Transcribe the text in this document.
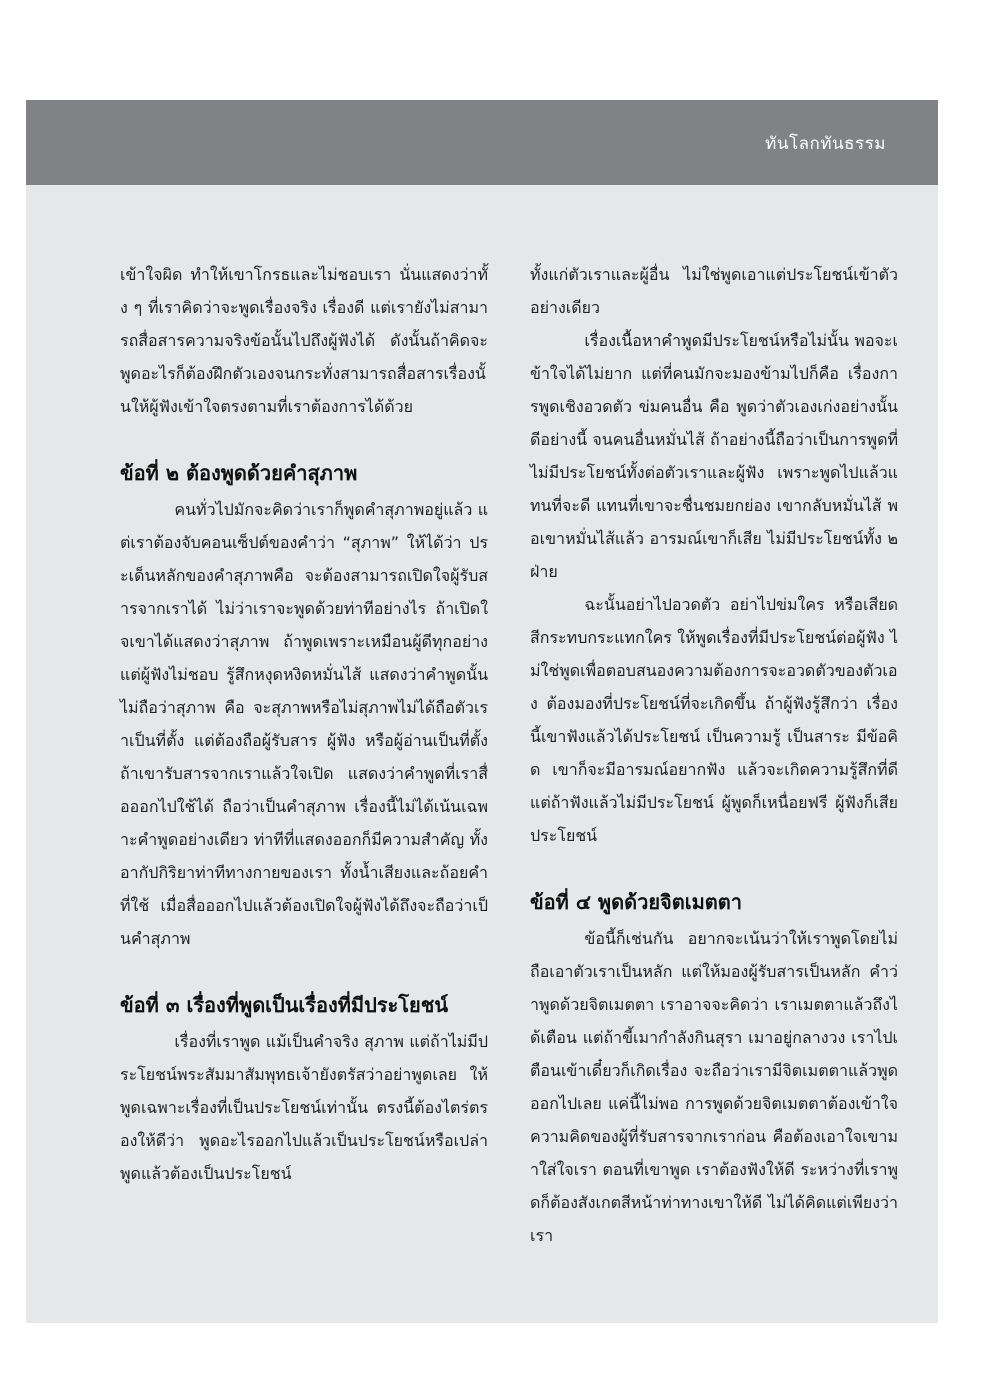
ทันโลกทันธรรม

เข้าใจผิด ทำให้เขาโกรธและไม่ชอบเรา นั่นแสดงว่าทั้ง ๆ ที่เราคิดว่าจะพูดเรื่องจริง เรื่องดี แต่เรายังไม่สามารถสื่อสารความจริงข้อนั้นไปถึงผู้ฟังได้ ดังนั้นถ้าคิดจะพูดอะไรก็ต้องฝึกตัวเองจนกระทั่งสามารถสื่อสารเรื่องนั้นให้ผู้ฟังเข้าใจตรงตามที่เราต้องการได้ด้วย

ข้อที่ ๒ ต้องพูดด้วยคำสุภาพ

คนทั่วไปมักจะคิดว่าเราก็พูดคำสุภาพอยู่แล้ว แต่เราต้องจับคอนเซ็ปต์ของคำว่า “สุภาพ” ให้ได้ว่า ประเด็นหลักของคำสุภาพคือ จะต้องสามารถเปิดใจผู้รับสารจากเราได้ ไม่ว่าเราจะพูดด้วยท่าทีอย่างไร ถ้าเปิดใจเขาได้แสดงว่าสุภาพ ถ้าพูดเพราะเหมือนผู้ดีทุกอย่าง แต่ผู้ฟังไม่ชอบ รู้สึกหงุดหงิดหมั่นไส้ แสดงว่าคำพูดนั้นไม่ถือว่าสุภาพ คือ จะสุภาพหรือไม่สุภาพไม่ได้ถือตัวเราเป็นที่ตั้ง แต่ต้องถือผู้รับสาร ผู้ฟัง หรือผู้อ่านเป็นที่ตั้ง ถ้าเขารับสารจากเราแล้วใจเปิด แสดงว่าคำพูดที่เราสื่อออกไปใช้ได้ ถือว่าเป็นคำสุภาพ เรื่องนี้ไม่ได้เน้นเฉพาะคำพูดอย่างเดียว ท่าทีที่แสดงออกก็มีความสำคัญ ทั้งอากัปกิริยาท่าทีทางกายของเรา ทั้งน้ำเสียงและถ้อยคำที่ใช้ เมื่อสื่อออกไปแล้วต้องเปิดใจผู้ฟังได้ถึงจะถือว่าเป็นคำสุภาพ

ข้อที่ ๓ เรื่องที่พูดเป็นเรื่องที่มีประโยชน์

เรื่องที่เราพูด แม้เป็นคำจริง สุภาพ แต่ถ้าไม่มีประโยชน์พระสัมมาสัมพุทธเจ้ายังตรัสว่าอย่าพูดเลย ให้พูดเฉพาะเรื่องที่เป็นประโยชน์เท่านั้น ตรงนี้ต้องไตร่ตรองให้ดีว่า พูดอะไรออกไปแล้วเป็นประโยชน์หรือเปล่า พูดแล้วต้องเป็นประโยชน์

ทั้งแก่ตัวเราและผู้อื่น ไม่ใช่พูดเอาแต่ประโยชน์เข้าตัวอย่างเดียว

เรื่องเนื้อหาคำพูดมีประโยชน์หรือไม่นั้น พอจะเข้าใจได้ไม่ยาก แต่ที่คนมักจะมองข้ามไปก็คือ เรื่องการพูดเชิงอวดตัว ข่มคนอื่น คือ พูดว่าตัวเองเก่งอย่างนั้น ดีอย่างนี้ จนคนอื่นหมั่นไส้ ถ้าอย่างนี้ถือว่าเป็นการพูดที่ไม่มีประโยชน์ทั้งต่อตัวเราและผู้ฟัง เพราะพูดไปแล้วแทนที่จะดี แทนที่เขาจะชื่นชมยกย่อง เขากลับหมั่นไส้ พอเขาหมั่นไส้แล้ว อารมณ์เขาก็เสีย ไม่มีประโยชน์ทั้ง ๒ ฝ่าย

ฉะนั้นอย่าไปอวดตัว อย่าไปข่มใคร หรือเสียดสีกระทบกระแทกใคร ให้พูดเรื่องที่มีประโยชน์ต่อผู้ฟัง ไม่ใช่พูดเพื่อตอบสนองความต้องการจะอวดตัวของตัวเอง ต้องมองที่ประโยชน์ที่จะเกิดขึ้น ถ้าผู้ฟังรู้สึกว่า เรื่องนี้เขาฟังแล้วได้ประโยชน์ เป็นความรู้ เป็นสาระ มีข้อคิด เขาก็จะมีอารมณ์อยากฟัง แล้วจะเกิดความรู้สึกที่ดี แต่ถ้าฟังแล้วไม่มีประโยชน์ ผู้พูดก็เหนื่อยฟรี ผู้ฟังก็เสียประโยชน์

ข้อที่ ๔ พูดด้วยจิตเมตตา

ข้อนี้ก็เช่นกัน อยากจะเน้นว่าให้เราพูดโดยไม่ถือเอาตัวเราเป็นหลัก แต่ให้มองผู้รับสารเป็นหลัก คำว่าพูดด้วยจิตเมตตา เราอาจจะคิดว่า เราเมตตาแล้วถึงได้เตือน แต่ถ้าขี้เมากำลังกินสุรา เมาอยู่กลางวง เราไปเตือนเข้าเดี๋ยวก็เกิดเรื่อง จะถือว่าเรามีจิตเมตตาแล้วพูดออกไปเลย แค่นี้ไม่พอ การพูดด้วยจิตเมตตาต้องเข้าใจความคิดของผู้ที่รับสารจากเราก่อน คือต้องเอาใจเขามาใส่ใจเรา ตอนที่เขาพูด เราต้องฟังให้ดี ระหว่างที่เราพูดก็ต้องสังเกตสีหน้าท่าทางเขาให้ดี ไม่ได้คิดแต่เพียงว่า เรา
